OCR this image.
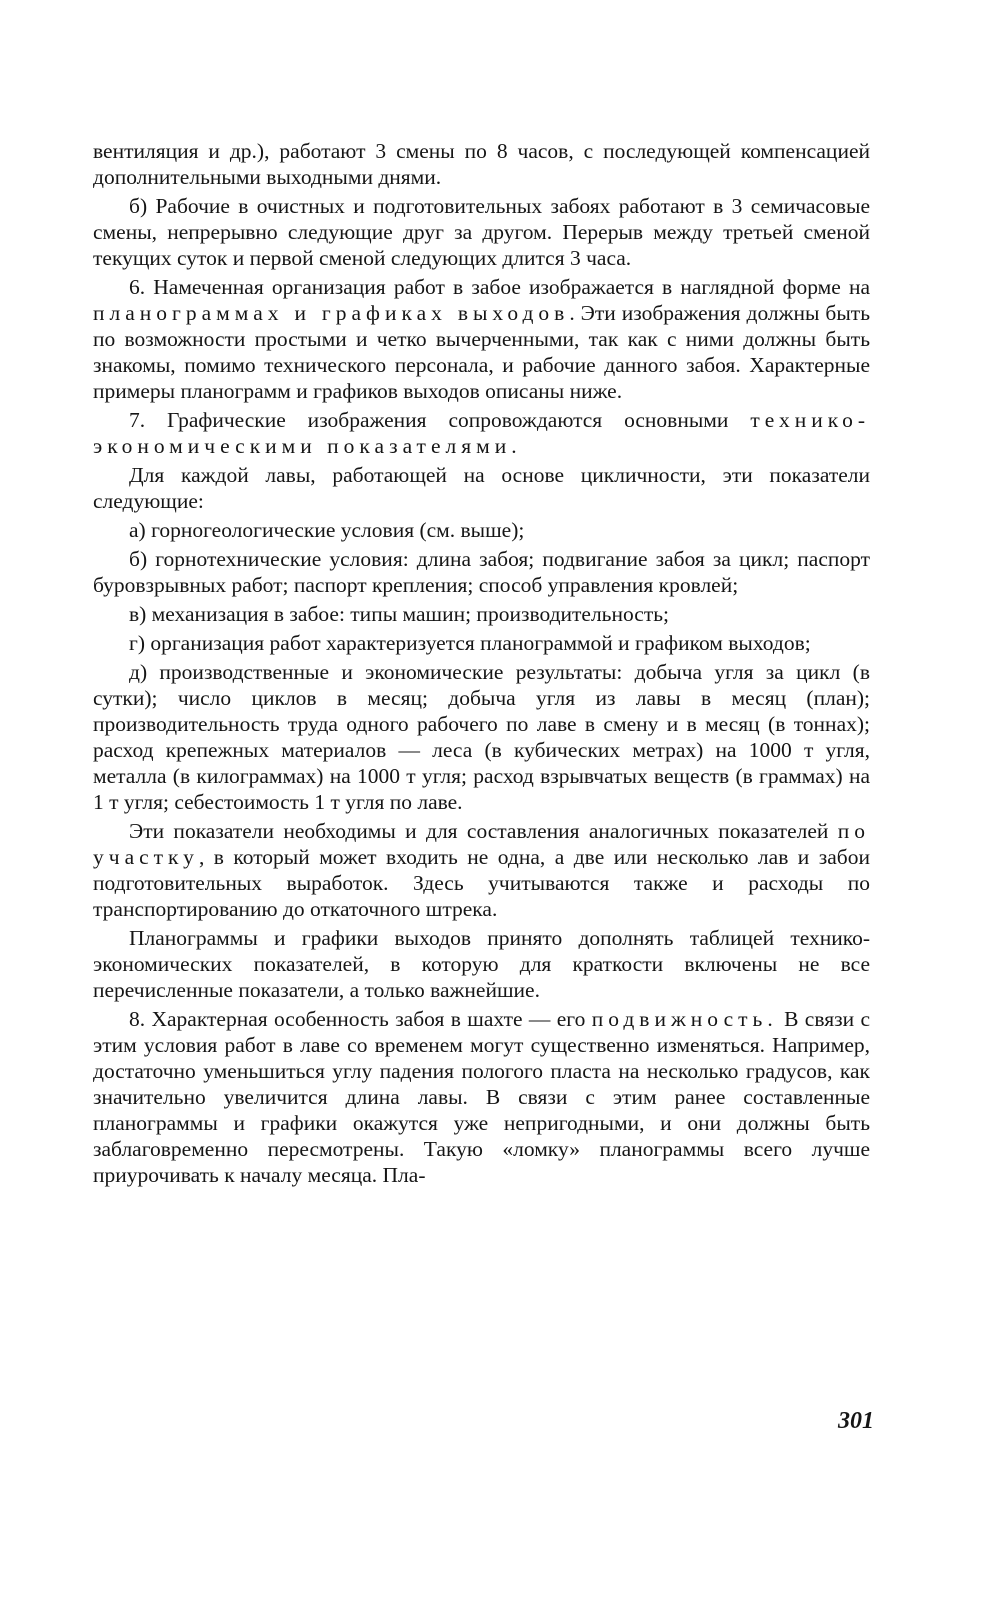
вентиляция и др.), работают 3 смены по 8 часов, с последующей компенсацией дополнительными выходными днями.

б) Рабочие в очистных и подготовительных забоях работают в 3 семичасовые смены, непрерывно следующие друг за другом. Перерыв между третьей сменой текущих суток и первой сменой следующих длится 3 часа.

6. Намеченная организация работ в забое изображается в наглядной форме на планограммах и графиках выходов. Эти изображения должны быть по возможности простыми и четко вычерченными, так как с ними должны быть знакомы, помимо технического персонала, и рабочие данного забоя. Характерные примеры планограмм и графиков выходов описаны ниже.

7. Графические изображения сопровождаются основными технико-экономическими показателями.

Для каждой лавы, работающей на основе цикличности, эти показатели следующие:

а) горногеологические условия (см. выше);

б) горнотехнические условия: длина забоя; подвигание забоя за цикл; паспорт буровзрывных работ; паспорт крепления; способ управления кровлей;

в) механизация в забое: типы машин; производительность;

г) организация работ характеризуется планограммой и графиком выходов;

д) производственные и экономические результаты: добыча угля за цикл (в сутки); число циклов в месяц; добыча угля из лавы в месяц (план); производительность труда одного рабочего по лаве в смену и в месяц (в тоннах); расход крепежных материалов — леса (в кубических метрах) на 1000 т угля, металла (в килограммах) на 1000 т угля; расход взрывчатых веществ (в граммах) на 1 т угля; себестоимость 1 т угля по лаве.

Эти показатели необходимы и для составления аналогичных показателей по участку, в который может входить не одна, а две или несколько лав и забои подготовительных выработок. Здесь учитываются также и расходы по транспортированию до откаточного штрека.

Планограммы и графики выходов принято дополнять таблицей технико-экономических показателей, в которую для краткости включены не все перечисленные показатели, а только важнейшие.

8. Характерная особенность забоя в шахте — его подвижность. В связи с этим условия работ в лаве со временем могут существенно изменяться. Например, достаточно уменьшиться углу падения пологого пласта на несколько градусов, как значительно увеличится длина лавы. В связи с этим ранее составленные планограммы и графики окажутся уже непригодными, и они должны быть заблаговременно пересмотрены. Такую «ломку» планограммы всего лучше приурочивать к началу месяца. Пла-

301
